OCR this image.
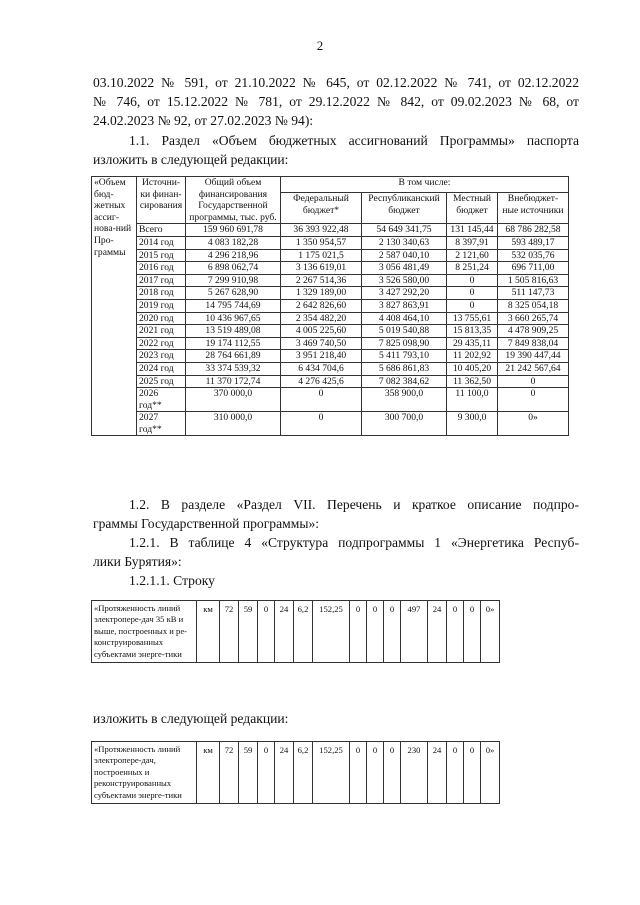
2

03.10.2022 № 591, от 21.10.2022 № 645, от 02.12.2022 № 741, от 02.12.2022

№ 746, от 15.12.2022 № 781, от 29.12.2022 № 842, от 09.02.2023 № 68, от

24.02.2023 № 92, от 27.02.2023 № 94):

1.1. Раздел «Объем бюджетных ассигнований Программы» паспорта

изложить в следующей редакции:

«Объем бюд-жетных ассиг-нова-ний Про-граммы	Источни-ки финан-сирования	Общий объем финансирования Государственной программы, тыс. руб.	В том числе:			
			Федеральный бюджет*	Республиканский бюджет	Местный бюджет	Внебюджет-ные источники
	Всего	159 960 691,78	36 393 922,48	54 649 341,75	131 145,44	68 786 282,58
	2014 год	4 083 182,28	1 350 954,57	2 130 340,63	8 397,91	593 489,17
	2015 год	4 296 218,96	1 175 021,5	2 587 040,10	2 121,60	532 035,76
	2016 год	6 898 062,74	3 136 619,01	3 056 481,49	8 251,24	696 711,00
	2017 год	7 299 910,98	2 267 514,36	3 526 580,00	0	1 505 816,63
	2018 год	5 267 628,90	1 329 189,00	3 427 292,20	0	511 147,73
	2019 год	14 795 744,69	2 642 826,60	3 827 863,91	0	8 325 054,18
	2020 год	10 436 967,65	2 354 482,20	4 408 464,10	13 755,61	3 660 265,74
	2021 год	13 519 489,08	4 005 225,60	5 019 540,88	15 813,35	4 478 909,25
	2022 год	19 174 112,55	3 469 740,50	7 825 098,90	29 435,11	7 849 838,04
	2023 год	28 764 661,89	3 951 218,40	5 411 793,10	11 202,92	19 390 447,44
	2024 год	33 374 539,32	6 434 704,6	5 686 861,83	10 405,20	21 242 567,64
	2025 год	11 370 172,74	4 276 425,6	7 082 384,62	11 362,50	0
	2026 год**	370 000,0	0	358 900,0	11 100,0	0
	2027 год**	310 000,0	0	300 700,0	9 300,0	0»

1.2. В разделе «Раздел VII. Перечень и краткое описание подпро-

граммы Государственной программы»:

1.2.1. В таблице 4 «Структура подпрограммы 1 «Энергетика Респуб-

лики Бурятия»:

1.2.1.1. Строку

«Протяженность линий электропере-дач 35 кВ и выше, построенных и ре-конструированных субъектами энерге-тики	км	72	59	0	24	6,2	152,25	0	0	0	497	24	0	0	0»

изложить в следующей редакции:

«Протяженность линий электропере-дач, построенных и реконструированных субъектами энерге-тики	км	72	59	0	24	6,2	152,25	0	0	0	230	24	0	0	0»
